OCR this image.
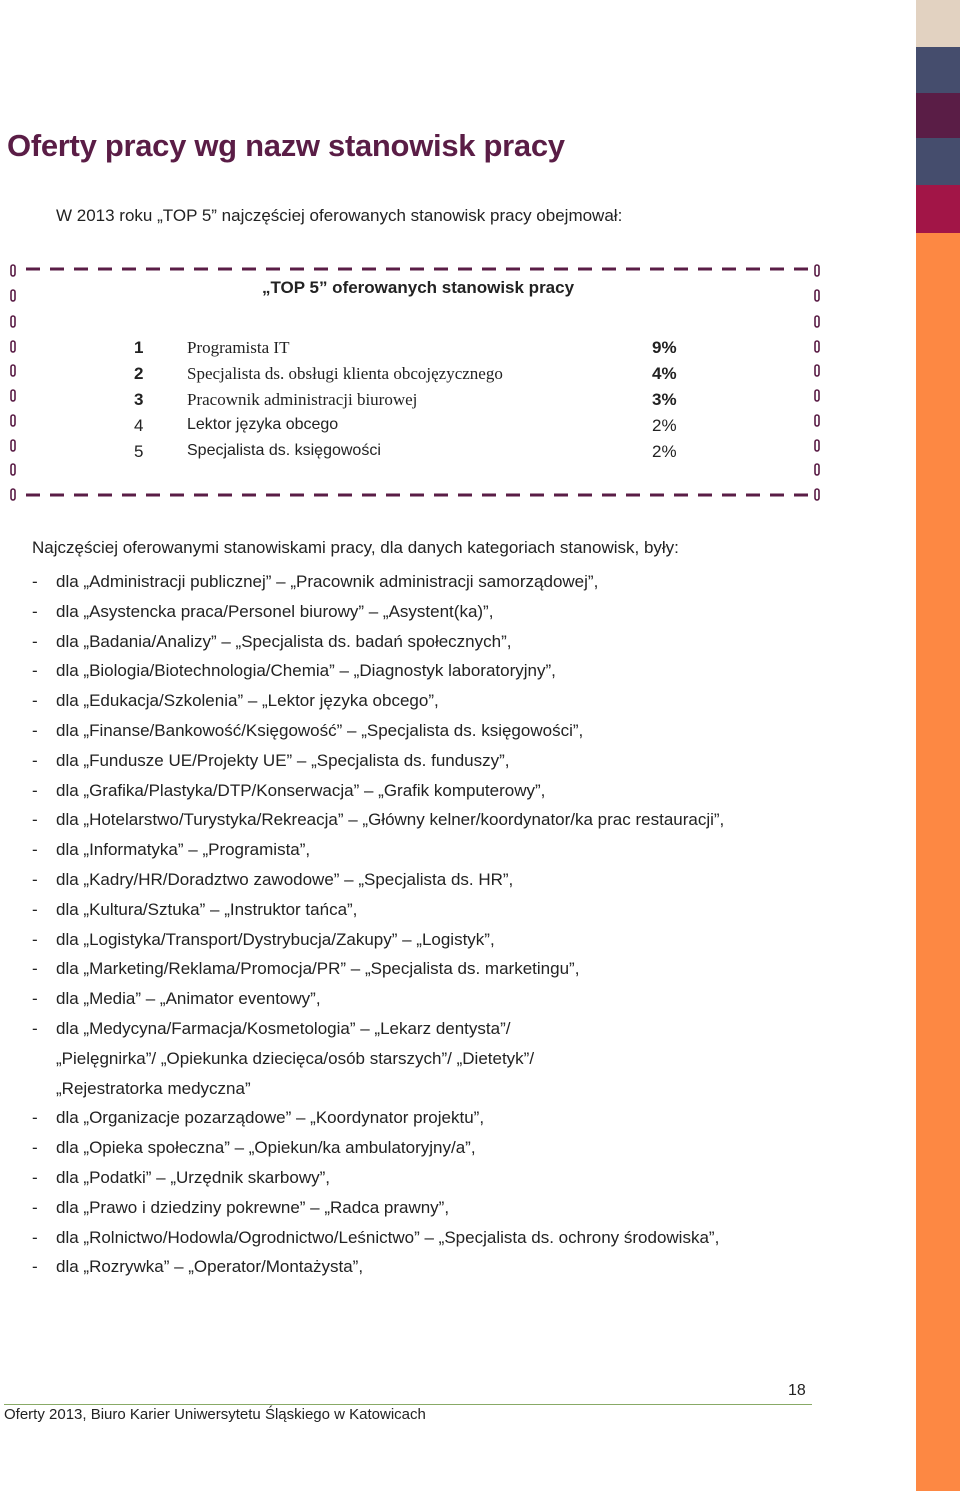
Oferty pracy wg nazw stanowisk pracy
W 2013 roku „TOP 5” najczęściej oferowanych stanowisk pracy obejmował:
„TOP 5” oferowanych stanowisk pracy
1	Programista IT	9%
2	Specjalista ds. obsługi klienta obcojęzycznego	4%
3	Pracownik administracji biurowej	3%
4	Lektor języka obcego	2%
5	Specjalista ds. księgowości	2%
Najczęściej oferowanymi stanowiskami pracy, dla danych kategoriach stanowisk, były:
- dla „Administracji publicznej” – „Pracownik administracji samorządowej”,
- dla „Asystencka praca/Personel biurowy” – „Asystent(ka)”,
- dla „Badania/Analizy” – „Specjalista ds. badań społecznych”,
- dla „Biologia/Biotechnologia/Chemia” – „Diagnostyk laboratoryjny”,
- dla „Edukacja/Szkolenia” – „Lektor języka obcego”,
- dla „Finanse/Bankowość/Księgowość” – „Specjalista ds. księgowości”,
- dla „Fundusze UE/Projekty UE” – „Specjalista ds. funduszy”,
- dla „Grafika/Plastyka/DTP/Konserwacja” – „Grafik komputerowy”,
- dla „Hotelarstwo/Turystyka/Rekreacja” – „Główny kelner/koordynator/ka prac restauracji”,
- dla „Informatyka” – „Programista”,
- dla „Kadry/HR/Doradztwo zawodowe” – „Specjalista ds. HR”,
- dla „Kultura/Sztuka” – „Instruktor tańca”,
- dla „Logistyka/Transport/Dystrybucja/Zakupy” – „Logistyk”,
- dla „Marketing/Reklama/Promocja/PR” – „Specjalista ds. marketingu”,
- dla „Media” – „Animator eventowy”,
- dla „Medycyna/Farmacja/Kosmetologia” – „Lekarz dentysta”/ „Pielęgnirka”/ „Opiekunka dziecięca/osób starszych”/ „Dietetyk”/ „Rejestratorka medyczna”
- dla „Organizacje pozarządowe” – „Koordynator projektu”,
- dla „Opieka społeczna” – „Opiekun/ka ambulatoryjny/a”,
- dla „Podatki” – „Urzędnik skarbowy”,
- dla „Prawo i dziedziny pokrewne” – „Radca prawny”,
- dla „Rolnictwo/Hodowla/Ogrodnictwo/Leśnictwo” – „Specjalista ds. ochrony środowiska”,
- dla „Rozrywka” – „Operator/Montażysta”,
18
Oferty 2013, Biuro Karier Uniwersytetu Śląskiego w Katowicach
